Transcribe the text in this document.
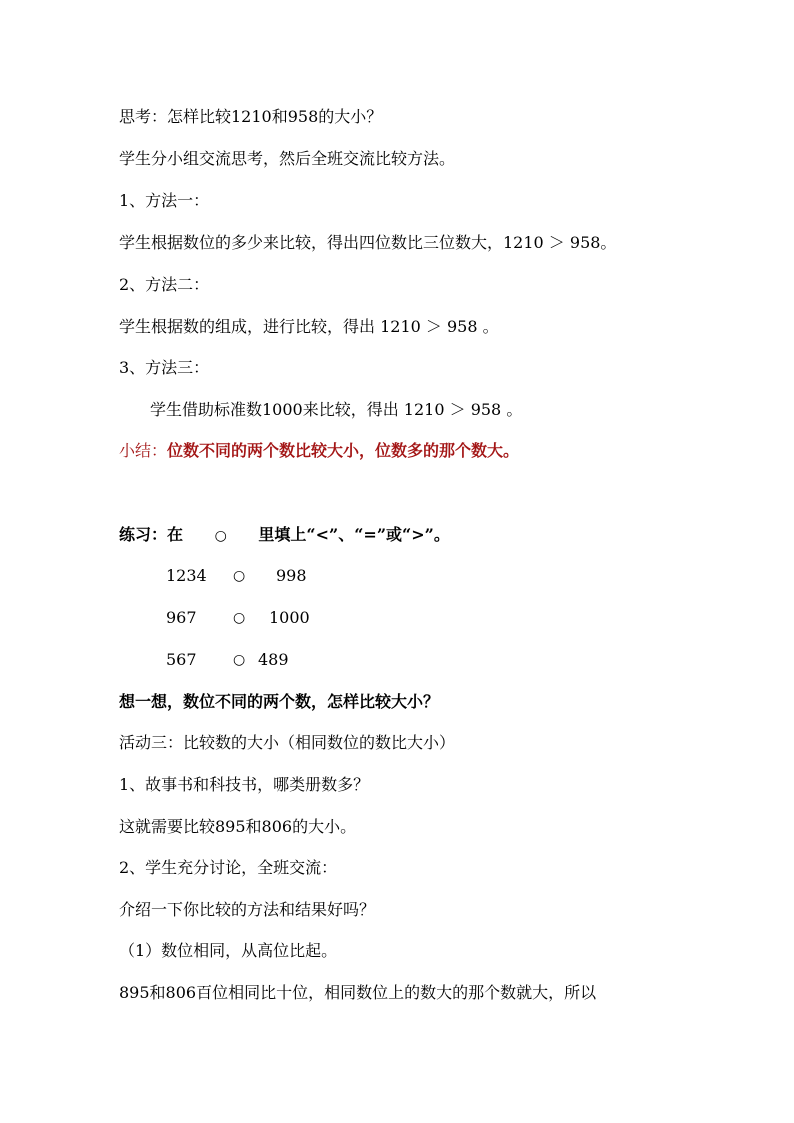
思考：怎样比较1210和958的大小？
学生分小组交流思考，然后全班交流比较方法。
1、方法一：
学生根据数位的多少来比较，得出四位数比三位数大，1210 ＞ 958。
2、方法二：
学生根据数的组成，进行比较，得出 1210 ＞ 958 。
3、方法三：
学生借助标准数1000来比较，得出 1210 ＞ 958 。
小结：位数不同的两个数比较大小，位数多的那个数大。
练习：在 ○ 里填上“<”、“=”或“>”。
1234 ○ 998
967	○ 1000
567	○ 489
想一想，数位不同的两个数，怎样比较大小？
活动三：比较数的大小（相同数位的数比大小）
1、故事书和科技书，哪类册数多？
这就需要比较895和806的大小。
2、学生充分讨论，全班交流：
介绍一下你比较的方法和结果好吗？
（1）数位相同，从高位比起。
895和806百位相同比十位，相同数位上的数大的那个数就大，所以
